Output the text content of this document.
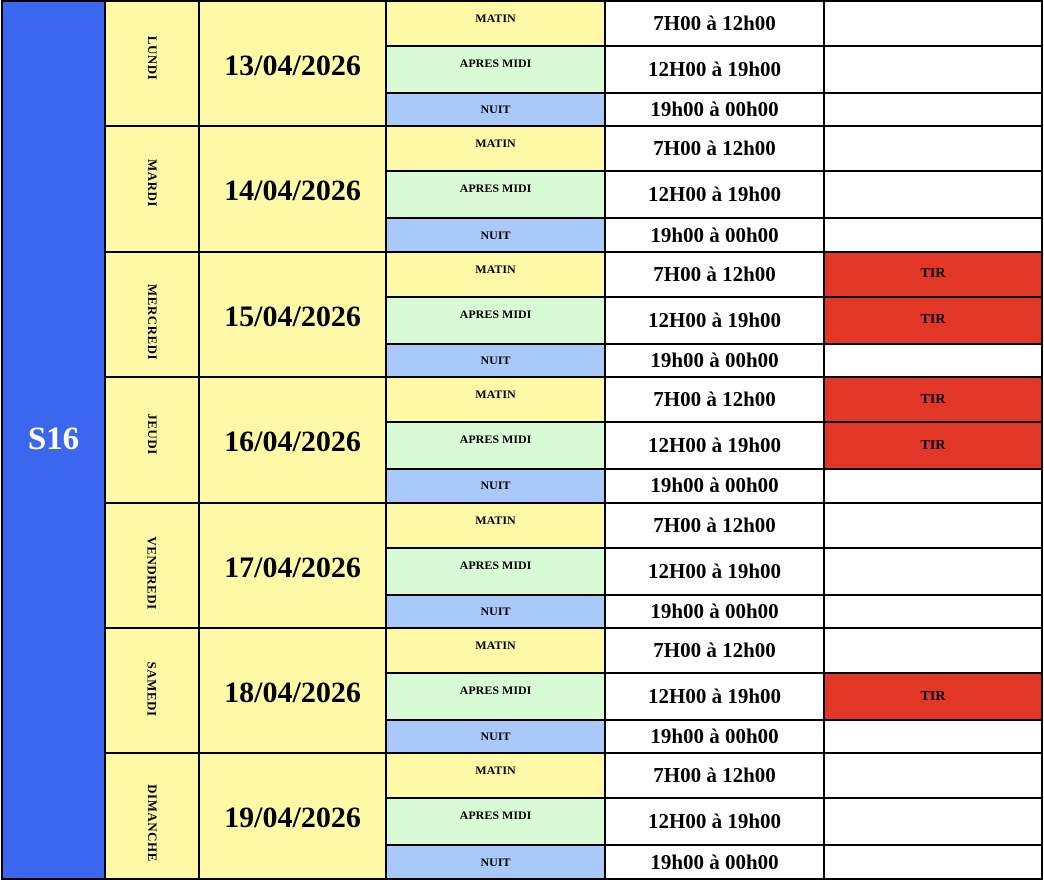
S16
LUNDI	13/04/2026
MATIN	7H00 à 12h00
APRES MIDI	12H00 à 19h00
NUIT	19h00 à 00h00
MARDI	14/04/2026
MATIN	7H00 à 12h00
APRES MIDI	12H00 à 19h00
NUIT	19h00 à 00h00
MERCREDI	15/04/2026
MATIN	7H00 à 12h00	TIR
APRES MIDI	12H00 à 19h00	TIR
NUIT	19h00 à 00h00
JEUDI	16/04/2026
MATIN	7H00 à 12h00	TIR
APRES MIDI	12H00 à 19h00	TIR
NUIT	19h00 à 00h00
VENDREDI	17/04/2026
MATIN	7H00 à 12h00
APRES MIDI	12H00 à 19h00
NUIT	19h00 à 00h00
SAMEDI	18/04/2026
MATIN	7H00 à 12h00
APRES MIDI	12H00 à 19h00	TIR
NUIT	19h00 à 00h00
DIMANCHE	19/04/2026
MATIN	7H00 à 12h00
APRES MIDI	12H00 à 19h00
NUIT	19h00 à 00h00
